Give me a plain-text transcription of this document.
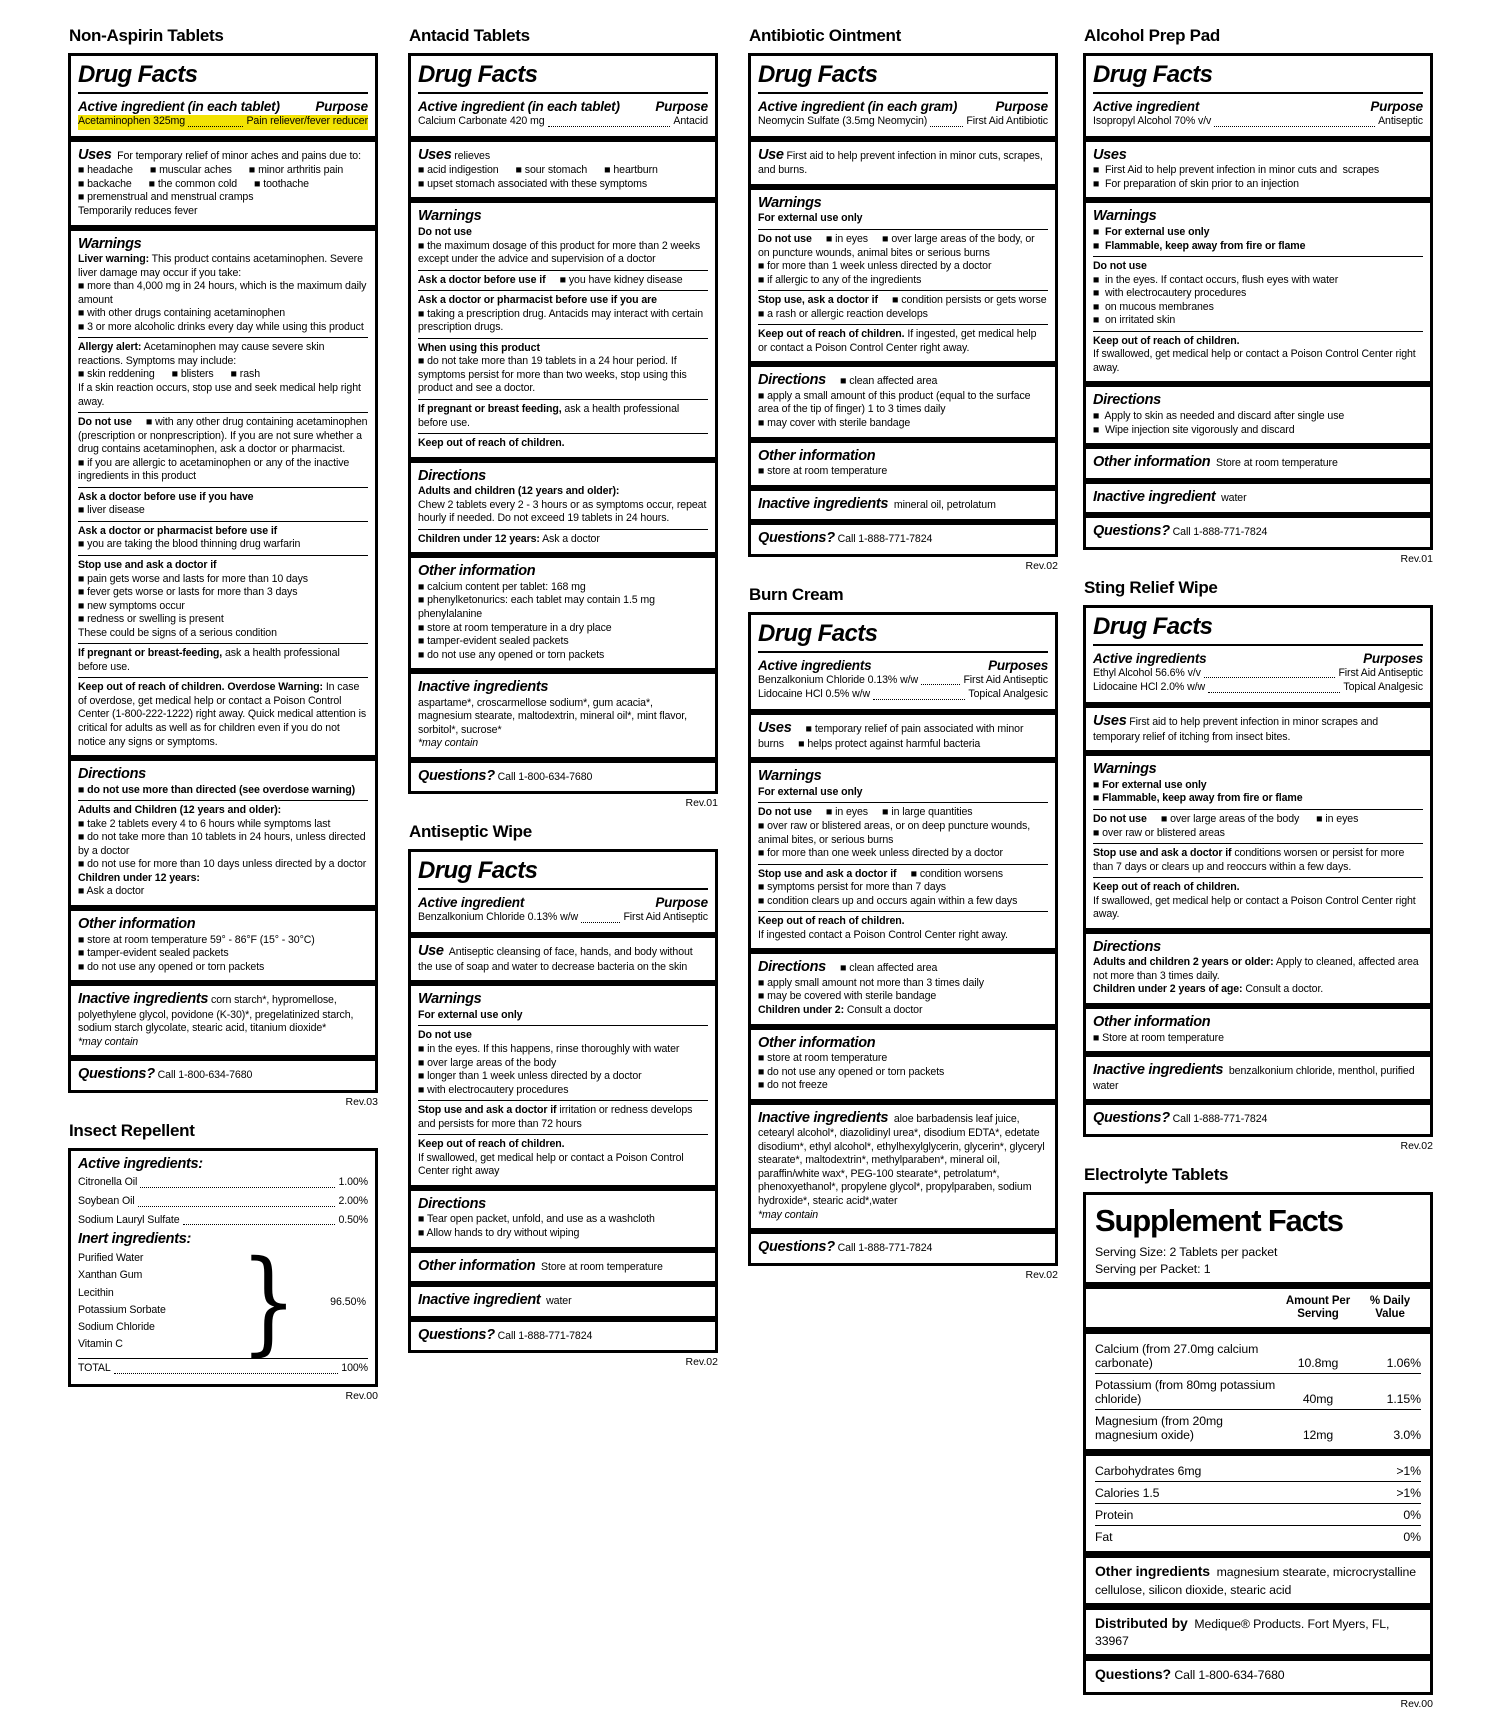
Non-Aspirin Tablets
Drug Facts
Active ingredient (in each tablet)	Purpose
Acetaminophen 325mg	Pain reliever/fever reducer
Uses  For temporary relief of minor aches and pains due to:
■ headache      ■ muscular aches      ■ minor arthritis pain
■ backache      ■ the common cold      ■ toothache
■ premenstrual and menstrual cramps
Temporarily reduces fever
Warnings
Liver warning: This product contains acetaminophen. Severe liver damage may occur if you take:
■ more than 4,000 mg in 24 hours, which is the maximum daily amount
■ with other drugs containing acetaminophen
■ 3 or more alcoholic drinks every day while using this product
Allergy alert: Acetaminophen may cause severe skin reactions. Symptoms may include:
■ skin reddening      ■ blisters      ■ rash
If a skin reaction occurs, stop use and seek medical help right away.
Do not use     ■ with any other drug containing acetaminophen (prescription or nonprescription). If you are not sure whether a drug contains acetaminophen, ask a doctor or pharmacist.
■ if you are allergic to acetaminophen or any of the inactive ingredients in this product
Ask a doctor before use if you have
■ liver disease
Ask a doctor or pharmacist before use if
■ you are taking the blood thinning drug warfarin
Stop use and ask a doctor if
■ pain gets worse and lasts for more than 10 days
■ fever gets worse or lasts for more than 3 days
■ new symptoms occur
■ redness or swelling is present
These could be signs of a serious condition
If pregnant or breast-feeding, ask a health professional before use.
Keep out of reach of children. Overdose Warning: In case of overdose, get medical help or contact a Poison Control Center (1-800-222-1222) right away. Quick medical attention is critical for adults as well as for children even if you do not notice any signs or symptoms.
Directions
■ do not use more than directed (see overdose warning)
Adults and Children (12 years and older):
■ take 2 tablets every 4 to 6 hours while symptoms last
■ do not take more than 10 tablets in 24 hours, unless directed by a doctor
■ do not use for more than 10 days unless directed by a doctor
Children under 12 years:
■ Ask a doctor
Other information
■ store at room temperature 59° - 86°F (15° - 30°C)
■ tamper-evident sealed packets
■ do not use any opened or torn packets
Inactive ingredients corn starch*, hypromellose, polyethylene glycol, povidone (K-30)*, pregelatinized starch, sodium starch glycolate, stearic acid, titanium dioxide*
*may contain
Questions? Call 1-800-634-7680
Rev.03
Insect Repellent
Active ingredients:
Citronella Oil	1.00%
Soybean Oil	2.00%
Sodium Lauryl Sulfate	0.50%
Inert ingredients:
Purified Water
Xanthan Gum
Lecithin
Potassium Sorbate
Sodium Chloride
Vitamin C	}	96.50%
TOTAL	100%
Rev.00
Antacid Tablets
Drug Facts
Active ingredient (in each tablet)	Purpose
Calcium Carbonate 420 mg	Antacid
Uses relieves
■ acid indigestion      ■ sour stomach      ■ heartburn
■ upset stomach associated with these symptoms
Warnings
Do not use
■ the maximum dosage of this product for more than 2 weeks except under the advice and supervision of a doctor
Ask a doctor before use if     ■ you have kidney disease
Ask a doctor or pharmacist before use if you are
■ taking a prescription drug. Antacids may interact with certain prescription drugs.
When using this product
■ do not take more than 19 tablets in a 24 hour period. If symptoms persist for more than two weeks, stop using this product and see a doctor.
If pregnant or breast feeding, ask a health professional before use.
Keep out of reach of children.
Directions
Adults and children (12 years and older):
Chew 2 tablets every 2 - 3 hours or as symptoms occur, repeat hourly if needed. Do not exceed 19 tablets in 24 hours.
Children under 12 years: Ask a doctor
Other information
■ calcium content per tablet: 168 mg
■ phenylketonurics: each tablet may contain 1.5 mg phenylalanine
■ store at room temperature in a dry place
■ tamper-evident sealed packets
■ do not use any opened or torn packets
Inactive ingredients
aspartame*, croscarmellose sodium*, gum acacia*, magnesium stearate, maltodextrin, mineral oil*, mint flavor, sorbitol*, sucrose*
*may contain
Questions? Call 1-800-634-7680
Rev.01
Antiseptic Wipe
Drug Facts
Active ingredient	Purpose
Benzalkonium Chloride 0.13% w/w	First Aid Antiseptic
Use  Antiseptic cleansing of face, hands, and body without the use of soap and water to decrease bacteria on the skin
Warnings
For external use only
Do not use
■ in the eyes. If this happens, rinse thoroughly with water
■ over large areas of the body
■ longer than 1 week unless directed by a doctor
■ with electrocautery procedures
Stop use and ask a doctor if irritation or redness develops and persists for more than 72 hours
Keep out of reach of children.
If swallowed, get medical help or contact a Poison Control Center right away
Directions
■ Tear open packet, unfold, and use as a washcloth
■ Allow hands to dry without wiping
Other information  Store at room temperature
Inactive ingredient  water
Questions? Call 1-888-771-7824
Rev.02
Antibiotic Ointment
Drug Facts
Active ingredient (in each gram)	Purpose
Neomycin Sulfate (3.5mg Neomycin)	First Aid Antibiotic
Use First aid to help prevent infection in minor cuts, scrapes, and burns.
Warnings
For external use only
Do not use     ■ in eyes     ■ over large areas of the body, or on puncture wounds, animal bites or serious burns
■ for more than 1 week unless directed by a doctor
■ if allergic to any of the ingredients
Stop use, ask a doctor if     ■ condition persists or gets worse
■ a rash or allergic reaction develops
Keep out of reach of children. If ingested, get medical help or contact a Poison Control Center right away.
Directions     ■ clean affected area
■ apply a small amount of this product (equal to the surface area of the tip of finger) 1 to 3 times daily
■ may cover with sterile bandage
Other information
■ store at room temperature
Inactive ingredients  mineral oil, petrolatum
Questions? Call 1-888-771-7824
Rev.02
Burn Cream
Drug Facts
Active ingredients	Purposes
Benzalkonium Chloride 0.13% w/w	First Aid Antiseptic
Lidocaine HCl 0.5% w/w	Topical Analgesic
Uses     ■ temporary relief of pain associated with minor burns     ■ helps protect against harmful bacteria
Warnings
For external use only
Do not use     ■ in eyes     ■ in large quantities
■ over raw or blistered areas, or on deep puncture wounds, animal bites, or serious burns
■ for more than one week unless directed by a doctor
Stop use and ask a doctor if     ■ condition worsens
■ symptoms persist for more than 7 days
■ condition clears up and occurs again within a few days
Keep out of reach of children.
If ingested contact a Poison Control Center right away.
Directions     ■ clean affected area
■ apply small amount not more than 3 times daily
■ may be covered with sterile bandage
Children under 2: Consult a doctor
Other information
■ store at room temperature
■ do not use any opened or torn packets
■ do not freeze
Inactive ingredients  aloe barbadensis leaf juice, cetearyl alcohol*, diazolidinyl urea*, disodium EDTA*, edetate disodium*, ethyl alcohol*, ethylhexylglycerin, glycerin*, glyceryl stearate*, maltodextrin*, methylparaben*, mineral oil, paraffin/white wax*, PEG-100 stearate*, petrolatum*, phenoxyethanol*, propylene glycol*, propylparaben, sodium hydroxide*, stearic acid*,water
*may contain
Questions? Call 1-888-771-7824
Rev.02
Alcohol Prep Pad
Drug Facts
Active ingredient	Purpose
Isopropyl Alcohol 70% v/v	Antiseptic
Uses
■  First Aid to help prevent infection in minor cuts and  scrapes
■  For preparation of skin prior to an injection
Warnings
■  For external use only
■  Flammable, keep away from fire or flame
Do not use
■  in the eyes. If contact occurs, flush eyes with water
■  with electrocautery procedures
■  on mucous membranes
■  on irritated skin
Keep out of reach of children.
If swallowed, get medical help or contact a Poison Control Center right away.
Directions
■  Apply to skin as needed and discard after single use
■  Wipe injection site vigorously and discard
Other information  Store at room temperature
Inactive ingredient  water
Questions? Call 1-888-771-7824
Rev.01
Sting Relief Wipe
Drug Facts
Active ingredients	Purposes
Ethyl Alcohol 56.6% v/v	First Aid Antiseptic
Lidocaine HCl 2.0% w/w	Topical Analgesic
Uses First aid to help prevent infection in minor scrapes and temporary relief of itching from insect bites.
Warnings
■ For external use only
■ Flammable, keep away from fire or flame
Do not use     ■ over large areas of the body      ■ in eyes
■ over raw or blistered areas
Stop use and ask a doctor if conditions worsen or persist for more than 7 days or clears up and reoccurs within a few days.
Keep out of reach of children.
If swallowed, get medical help or contact a Poison Control Center right away.
Directions
Adults and children 2 years or older: Apply to cleaned, affected area not more than 3 times daily.
Children under 2 years of age: Consult a doctor.
Other information
■ Store at room temperature
Inactive ingredients  benzalkonium chloride, menthol, purified water
Questions? Call 1-888-771-7824
Rev.02
Electrolyte Tablets
Supplement Facts
Serving Size: 2 Tablets per packet
Serving per Packet: 1
Amount Per Serving
% Daily Value
Calcium (from 27.0mg calcium carbonate)	10.8mg	1.06%
Potassium (from 80mg potassium chloride)	40mg	1.15%
Magnesium (from 20mg magnesium oxide)	12mg	3.0%
Carbohydrates 6mg	>1%
Calories 1.5	>1%
Protein	0%
Fat	0%
Other ingredients  magnesium stearate, microcrystalline cellulose, silicon dioxide, stearic acid
Distributed by  Medique® Products. Fort Myers, FL, 33967
Questions? Call 1-800-634-7680
Rev.00
